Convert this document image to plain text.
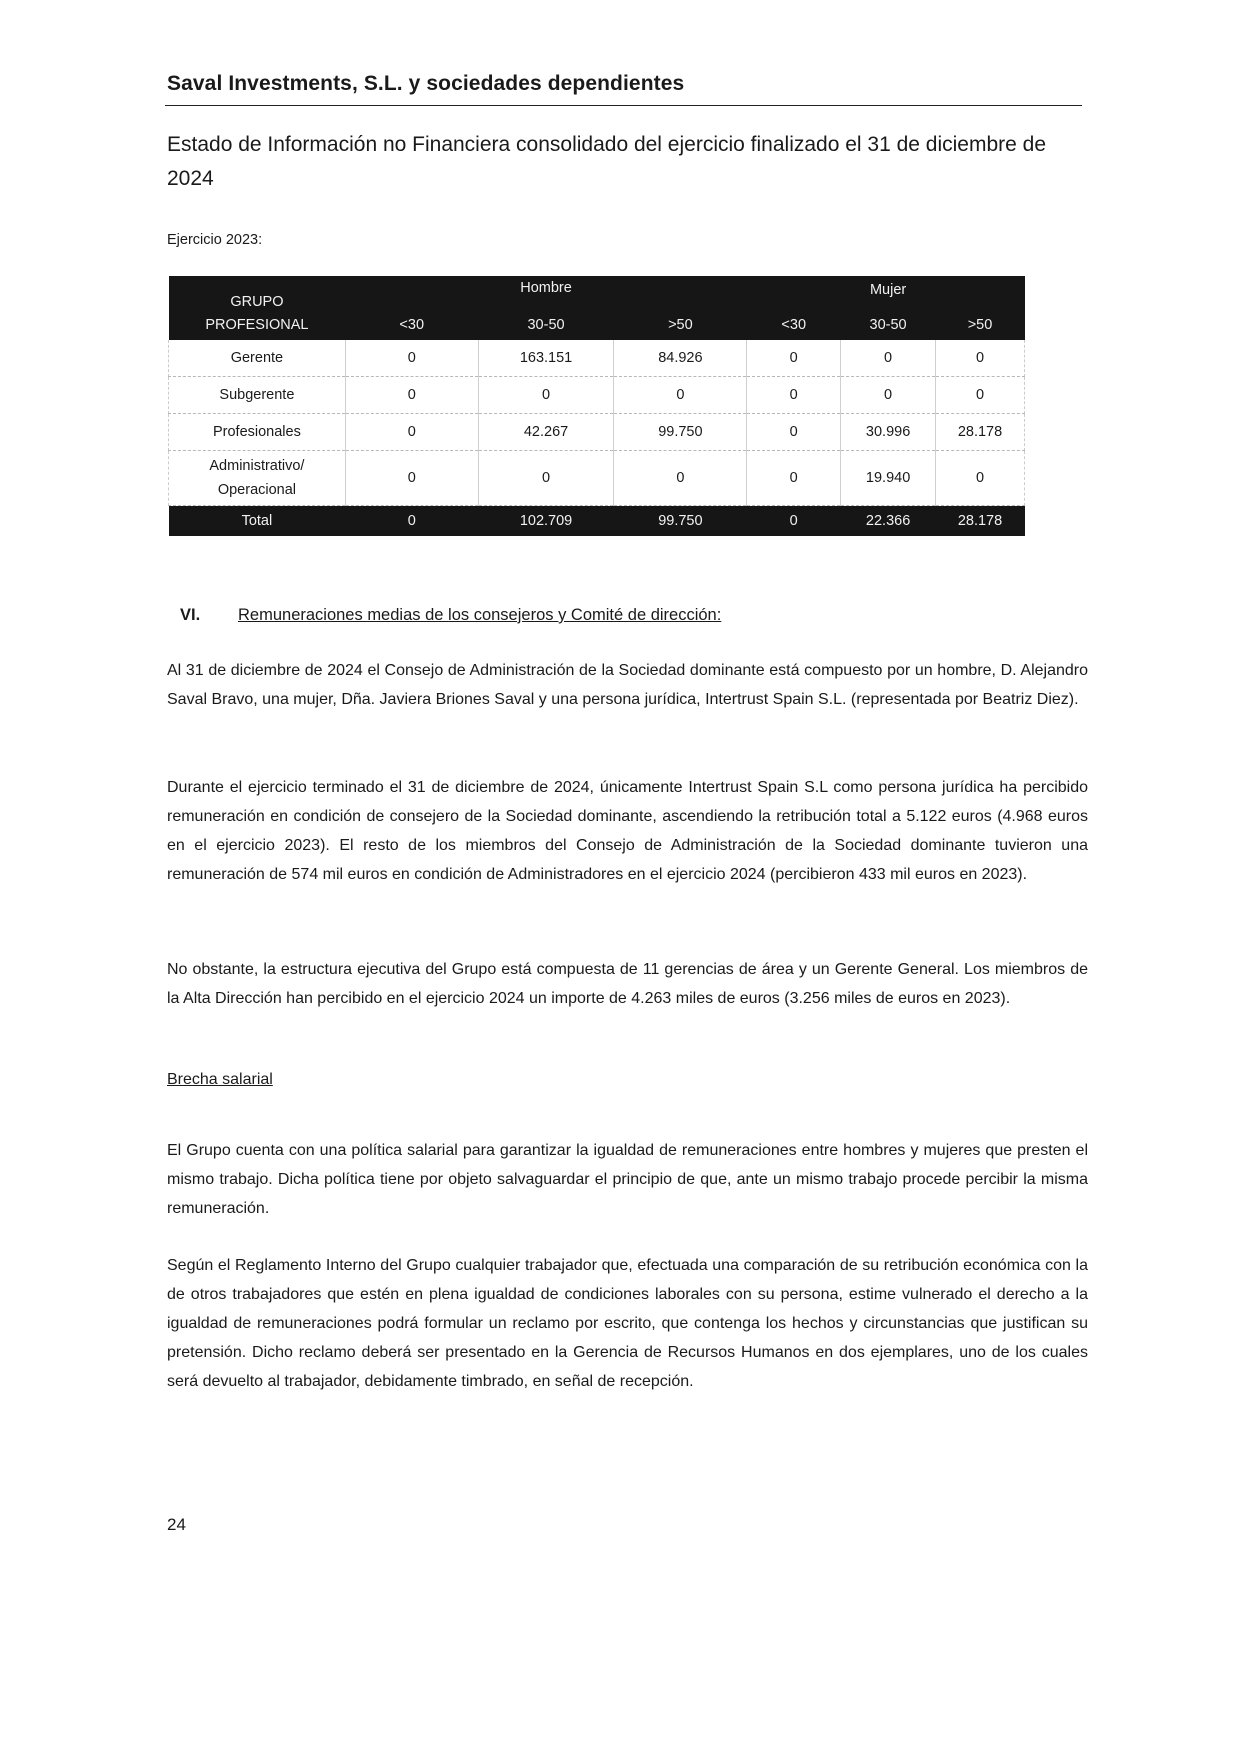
Saval Investments, S.L. y sociedades dependientes
Estado de Información no Financiera consolidado del ejercicio finalizado el 31 de diciembre de 2024
Ejercicio 2023:
GRUPO		Hombre			Mujer	
PROFESIONAL	<30	30-50	>50	<30	30-50	>50
Gerente	0	163.151	84.926	0	0	0
Subgerente	0	0	0	0	0	0
Profesionales	0	42.267	99.750	0	30.996	28.178
Administrativo/
Operacional	0	0	0	0	19.940	0
Total	0	102.709	99.750	0	22.366	28.178
VI. Remuneraciones medias de los consejeros y Comité de dirección:
Al 31 de diciembre de 2024 el Consejo de Administración de la Sociedad dominante está compuesto por un hombre, D. Alejandro Saval Bravo, una mujer, Dña. Javiera Briones Saval y una persona jurídica, Intertrust Spain S.L. (representada por Beatriz Diez).
Durante el ejercicio terminado el 31 de diciembre de 2024, únicamente Intertrust Spain S.L como persona jurídica ha percibido remuneración en condición de consejero de la Sociedad dominante, ascendiendo la retribución total a 5.122 euros (4.968 euros en el ejercicio 2023). El resto de los miembros del Consejo de Administración de la Sociedad dominante tuvieron una remuneración de 574 mil euros en condición de Administradores en el ejercicio 2024 (percibieron 433 mil euros en 2023).
No obstante, la estructura ejecutiva del Grupo está compuesta de 11 gerencias de área y un Gerente General. Los miembros de la Alta Dirección han percibido en el ejercicio 2024 un importe de 4.263 miles de euros (3.256 miles de euros en 2023).
Brecha salarial
El Grupo cuenta con una política salarial para garantizar la igualdad de remuneraciones entre hombres y mujeres que presten el mismo trabajo. Dicha política tiene por objeto salvaguardar el principio de que, ante un mismo trabajo procede percibir la misma remuneración.
Según el Reglamento Interno del Grupo cualquier trabajador que, efectuada una comparación de su retribución económica con la de otros trabajadores que estén en plena igualdad de condiciones laborales con su persona, estime vulnerado el derecho a la igualdad de remuneraciones podrá formular un reclamo por escrito, que contenga los hechos y circunstancias que justifican su pretensión. Dicho reclamo deberá ser presentado en la Gerencia de Recursos Humanos en dos ejemplares, uno de los cuales será devuelto al trabajador, debidamente timbrado, en señal de recepción.
24
